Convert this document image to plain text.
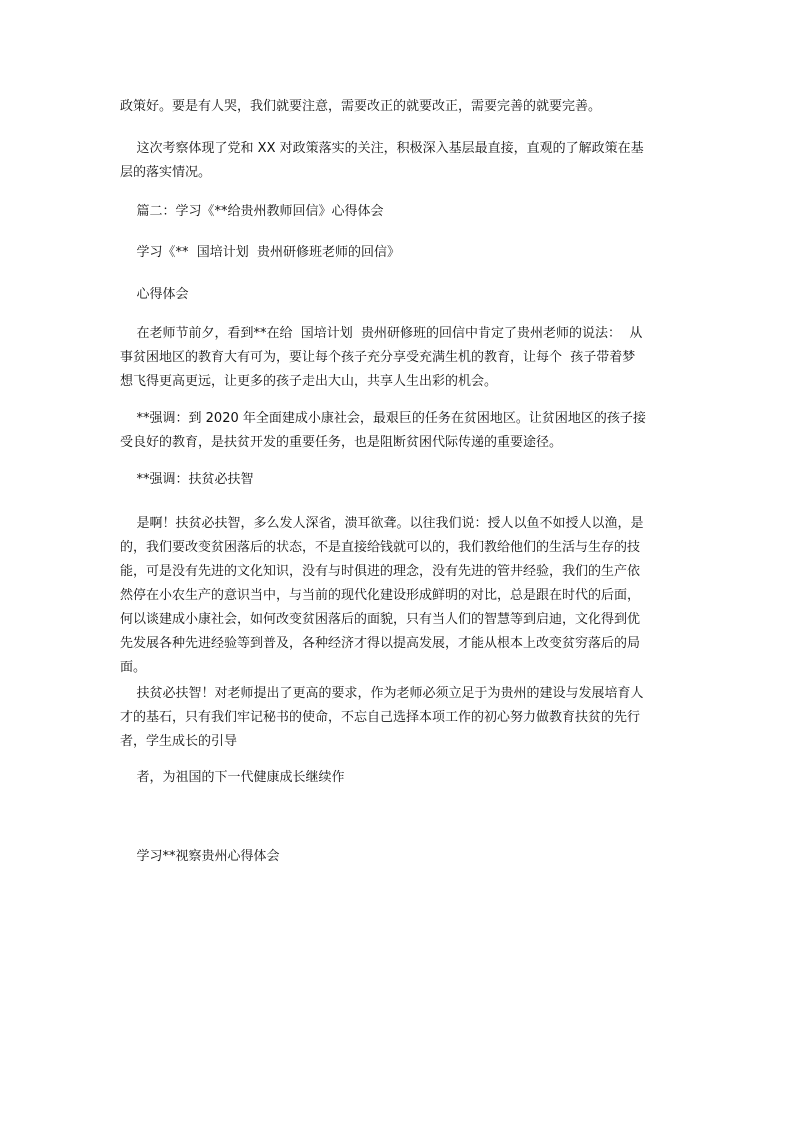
政策好。要是有人哭，我们就要注意，需要改正的就要改正，需要完善的就要完善。

这次考察体现了党和 XX 对政策落实的关注，积极深入基层最直接，直观的了解政策在基
层的落实情况。

篇二：学习《**给贵州教师回信》心得体会

学习《**  国培计划  贵州研修班老师的回信》

心得体会

在老师节前夕，看到**在给  国培计划  贵州研修班的回信中肯定了贵州老师的说法：  从
事贫困地区的教育大有可为，要让每个孩子充分享受充满生机的教育，让每个  孩子带着梦
想飞得更高更远，让更多的孩子走出大山，共享人生出彩的机会。

**强调：到 2020 年全面建成小康社会，最艰巨的任务在贫困地区。让贫困地区的孩子接
受良好的教育，是扶贫开发的重要任务，也是阻断贫困代际传递的重要途径。

**强调：扶贫必扶智

是啊！扶贫必扶智，多么发人深省，溃耳欲聋。以往我们说：授人以鱼不如授人以渔，是
的，我们要改变贫困落后的状态，不是直接给钱就可以的，我们教给他们的生活与生存的技
能，可是没有先进的文化知识，没有与时俱进的理念，没有先进的管井经验，我们的生产依
然停在小农生产的意识当中，与当前的现代化建设形成鲜明的对比，总是跟在时代的后面，
何以谈建成小康社会，如何改变贫困落后的面貌，只有当人们的智慧等到启迪，文化得到优
先发展各种先进经验等到普及，各种经济才得以提高发展，才能从根本上改变贫穷落后的局
面。

扶贫必扶智！对老师提出了更高的要求，作为老师必须立足于为贵州的建设与发展培育人
才的基石，只有我们牢记秘书的使命，不忘自己选择本项工作的初心努力做教育扶贫的先行
者，学生成长的引导

者，为祖国的下一代健康成长继续作

学习**视察贵州心得体会
